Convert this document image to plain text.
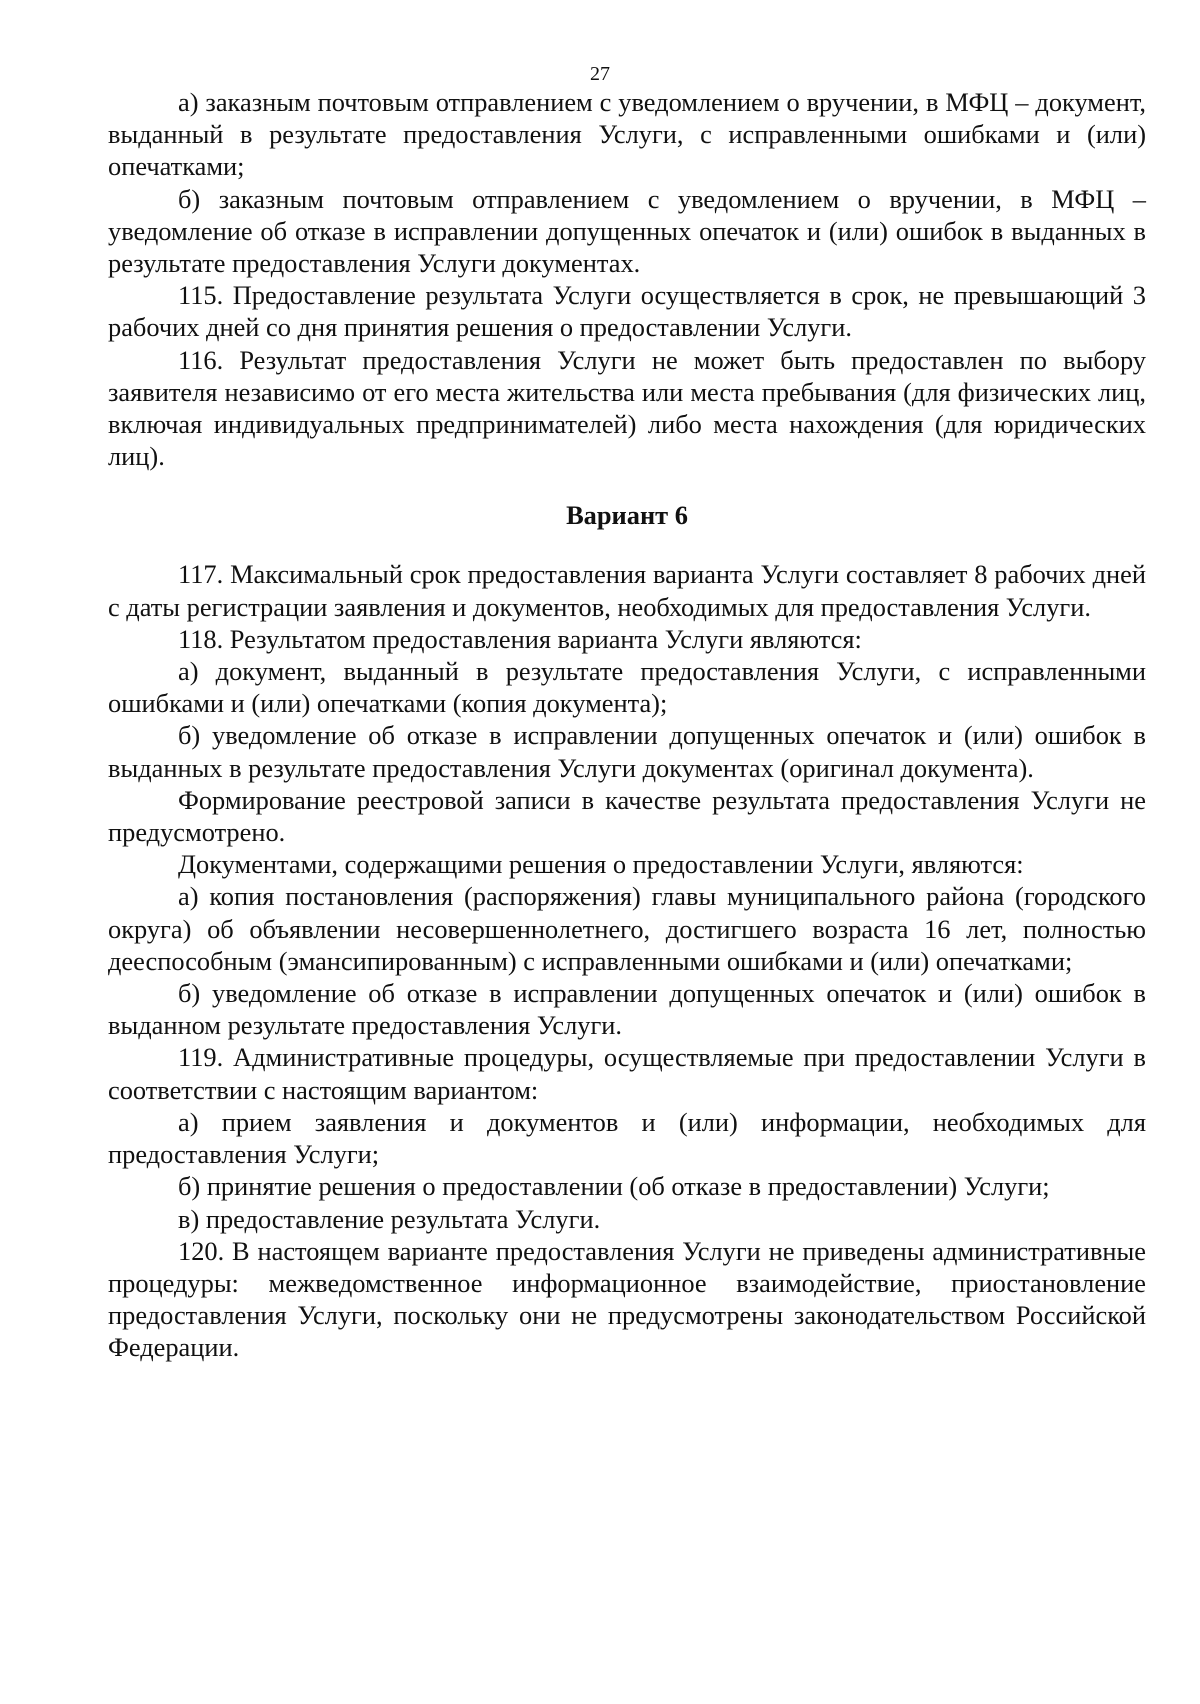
27

а) заказным почтовым отправлением с уведомлением о вручении, в МФЦ – документ, выданный в результате предоставления Услуги, с исправленными ошибками и (или) опечатками;

б) заказным почтовым отправлением с уведомлением о вручении, в МФЦ – уведомление об отказе в исправлении допущенных опечаток и (или) ошибок в выданных в результате предоставления Услуги документах.

115. Предоставление результата Услуги осуществляется в срок, не превышающий 3 рабочих дней со дня принятия решения о предоставлении Услуги.

116. Результат предоставления Услуги не может быть предоставлен по выбору заявителя независимо от его места жительства или места пребывания (для физических лиц, включая индивидуальных предпринимателей) либо места нахождения (для юридических лиц).

Вариант 6

117. Максимальный срок предоставления варианта Услуги составляет 8 рабочих дней с даты регистрации заявления и документов, необходимых для предоставления Услуги.

118. Результатом предоставления варианта Услуги являются:

а) документ, выданный в результате предоставления Услуги, с исправленными ошибками и (или) опечатками (копия документа);

б) уведомление об отказе в исправлении допущенных опечаток и (или) ошибок в выданных в результате предоставления Услуги документах (оригинал документа).

Формирование реестровой записи в качестве результата предоставления Услуги не предусмотрено.

Документами, содержащими решения о предоставлении Услуги, являются:

а) копия постановления (распоряжения) главы муниципального района (городского округа) об объявлении несовершеннолетнего, достигшего возраста 16 лет, полностью дееспособным (эмансипированным) с исправленными ошибками и (или) опечатками;

б) уведомление об отказе в исправлении допущенных опечаток и (или) ошибок в выданном результате предоставления Услуги.

119. Административные процедуры, осуществляемые при предоставлении Услуги в соответствии с настоящим вариантом:

а) прием заявления и документов и (или) информации, необходимых для предоставления Услуги;

б) принятие решения о предоставлении (об отказе в предоставлении) Услуги;

в) предоставление результата Услуги.

120. В настоящем варианте предоставления Услуги не приведены административные процедуры: межведомственное информационное взаимодействие, приостановление предоставления Услуги, поскольку они не предусмотрены законодательством Российской Федерации.
